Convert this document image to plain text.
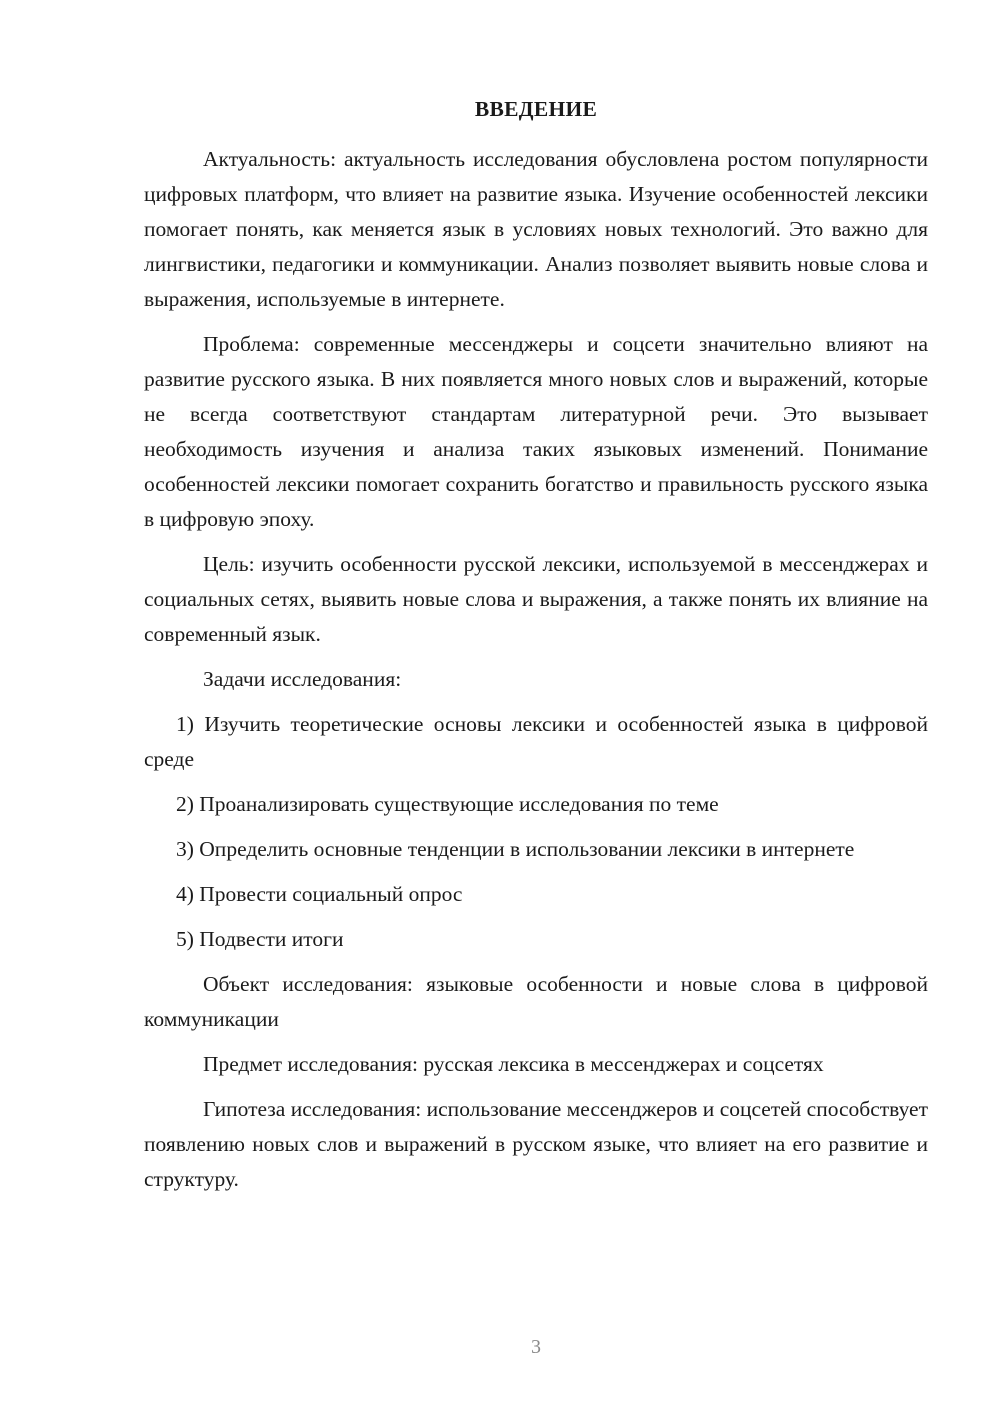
ВВЕДЕНИЕ

Актуальность: актуальность исследования обусловлена ростом популярности цифровых платформ, что влияет на развитие языка. Изучение особенностей лексики помогает понять, как меняется язык в условиях новых технологий. Это важно для лингвистики, педагогики и коммуникации. Анализ позволяет выявить новые слова и выражения, используемые в интернете.

Проблема: современные мессенджеры и соцсети значительно влияют на развитие русского языка. В них появляется много новых слов и выражений, которые не всегда соответствуют стандартам литературной речи. Это вызывает необходимость изучения и анализа таких языковых изменений. Понимание особенностей лексики помогает сохранить богатство и правильность русского языка в цифровую эпоху.

Цель: изучить особенности русской лексики, используемой в мессенджерах и социальных сетях, выявить новые слова и выражения, а также понять их влияние на современный язык.

Задачи исследования:

1) Изучить теоретические основы лексики и особенностей языка в цифровой среде

2) Проанализировать существующие исследования по теме

3) Определить основные тенденции в использовании лексики в интернете

4) Провести социальный опрос

5) Подвести итоги

Объект исследования: языковые особенности и новые слова в цифровой коммуникации

Предмет исследования: русская лексика в мессенджерах и соцсетях

Гипотеза исследования: использование мессенджеров и соцсетей способствует появлению новых слов и выражений в русском языке, что влияет на его развитие и структуру.

3
